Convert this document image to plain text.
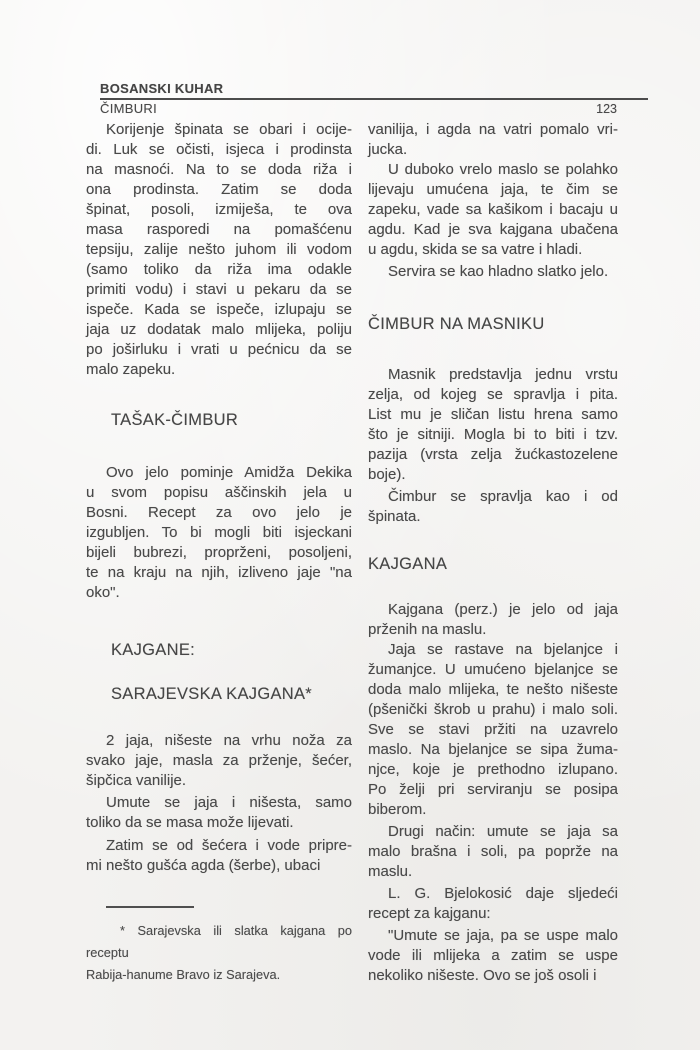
BOSANSKI KUHAR
ČIMBURI	123
Korijenje špinata se obari i ocije-
di. Luk se očisti, isjeca i prodinsta
na masnoći. Na to se doda riža i
ona prodinsta. Zatim se doda
špinat, posoli, izmiješa, te ova
masa rasporedi na pomašćenu
tepsiju, zalije nešto juhom ili vodom
(samo toliko da riža ima odakle
primiti vodu) i stavi u pekaru da se
ispeče. Kada se ispeče, izlupaju se
jaja uz dodatak malo mlijeka, poliju
po joširluku i vrati u pećnicu da se
malo zapeku.
TAŠAK-ČIMBUR
Ovo jelo pominje Amidža Dekika
u svom popisu aščinskih jela u
Bosni. Recept za ovo jelo je
izgubljen. To bi mogli biti isjeckani
bijeli bubrezi, proprženi, posoljeni,
te na kraju na njih, izliveno jaje "na
oko".
KAJGANE:
SARAJEVSKA KAJGANA*
2 jaja, nišeste na vrhu noža za
svako jaje, masla za prženje, šećer,
šipčica vanilije.
Umute se jaja i nišesta, samo
toliko da se masa može lijevati.
Zatim se od šećera i vode pripre-
mi nešto gušća agda (šerbe), ubaci
* Sarajevska ili slatka kajgana po receptu
Rabija-hanume Bravo iz Sarajeva.
vanilija, i agda na vatri pomalo vri-
jucka.
U duboko vrelo maslo se polahko
lijevaju umućena jaja, te čim se
zapeku, vade sa kašikom i bacaju u
agdu. Kad je sva kajgana ubačena
u agdu, skida se sa vatre i hladi.
Servira se kao hladno slatko jelo.
ČIMBUR NA MASNIKU
Masnik predstavlja jednu vrstu
zelja, od kojeg se spravlja i pita.
List mu je sličan listu hrena samo
što je sitniji. Mogla bi to biti i tzv.
pazija (vrsta zelja žućkastozelene
boje).
Čimbur se spravlja kao i od
špinata.
KAJGANA
Kajgana (perz.) je jelo od jaja
prženih na maslu.
Jaja se rastave na bjelanjce i
žumanjce. U umućeno bjelanjce se
doda malo mlijeka, te nešto nišeste
(pšenički škrob u prahu) i malo soli.
Sve se stavi pržiti na uzavrelo
maslo. Na bjelanjce se sipa žuma-
njce, koje je prethodno izlupano.
Po želji pri serviranju se posipa
biberom.
Drugi način: umute se jaja sa
malo brašna i soli, pa poprže na
maslu.
L. G. Bjelokosić daje sljedeći
recept za kajganu:
"Umute se jaja, pa se uspe malo
vode ili mlijeka a zatim se uspe
nekoliko nišeste. Ovo se još osoli i
